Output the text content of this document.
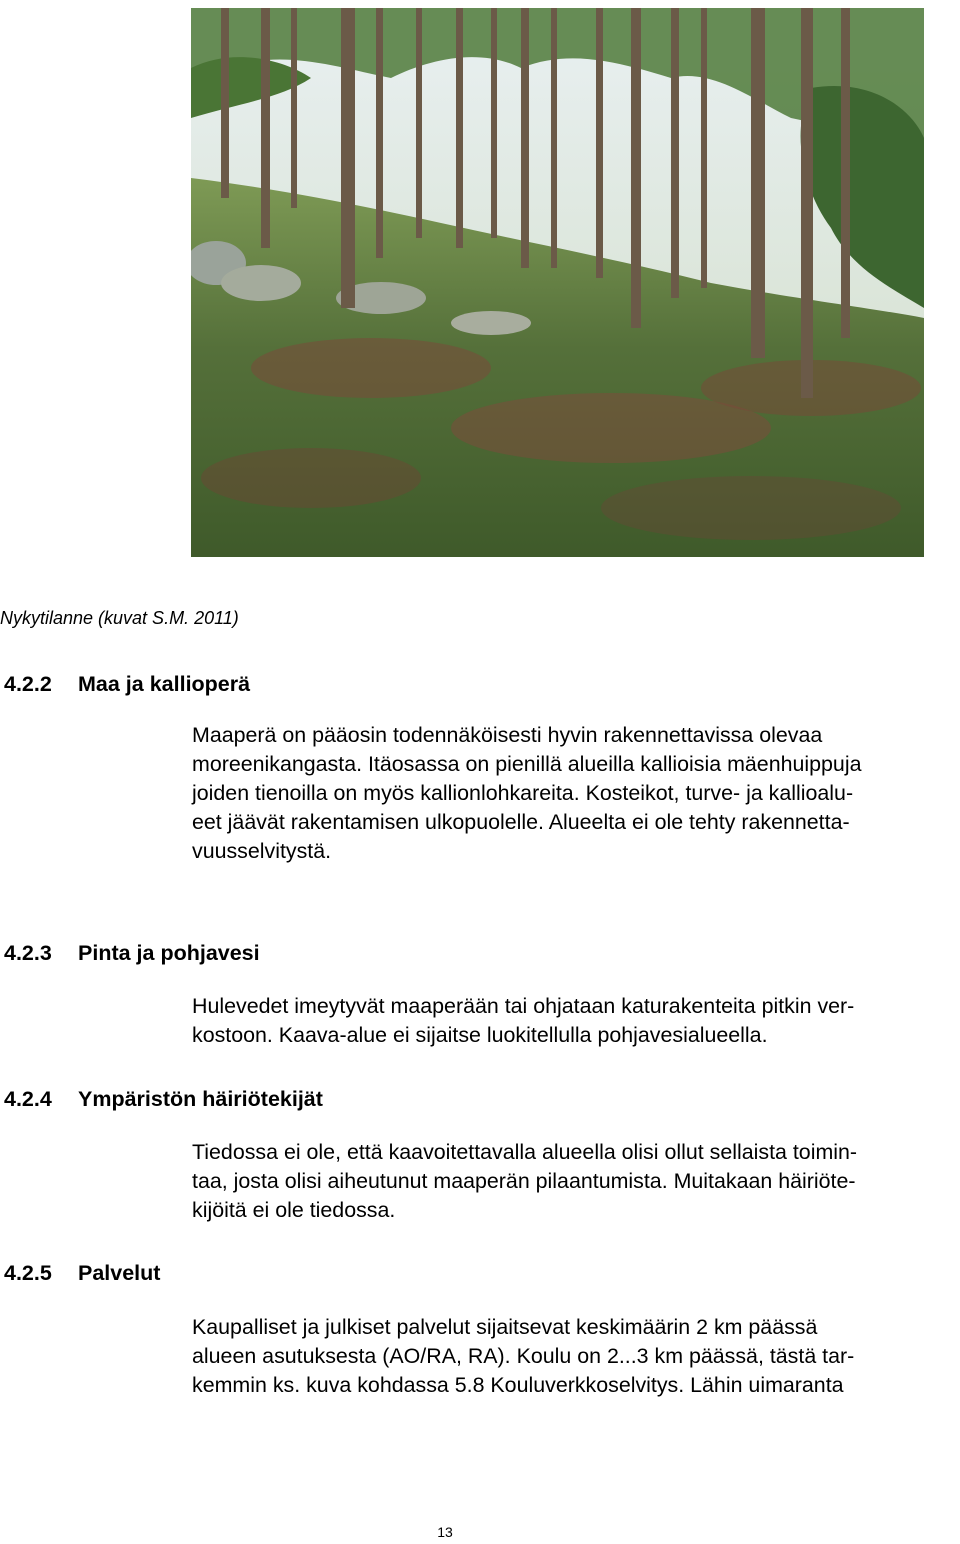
Nykytilanne (kuvat S.M. 2011)
4.2.2 Maa ja kallioperä

Maaperä on pääosin todennäköisesti hyvin rakennettavissa olevaa
moreenikangasta. Itäosassa on pienillä alueilla kallioisia mäenhuippuja
joiden tienoilla on myös kallionlohkareita. Kosteikot, turve- ja kallioalu-
eet jäävät rakentamisen ulkopuolelle. Alueelta ei ole tehty rakennetta-
vuusselvitystä.

4.2.3 Pinta ja pohjavesi

Hulevedet imeytyvät maaperään tai ohjataan katurakenteita pitkin ver-
kostoon. Kaava-alue ei sijaitse luokitellulla pohjavesialueella.

4.2.4 Ympäristön häiriötekijät

Tiedossa ei ole, että kaavoitettavalla alueella olisi ollut sellaista toimin-
taa, josta olisi aiheutunut maaperän pilaantumista. Muitakaan häiriöte-
kijöitä ei ole tiedossa.

4.2.5 Palvelut

Kaupalliset ja julkiset palvelut sijaitsevat keskimäärin 2 km päässä
alueen asutuksesta (AO/RA, RA). Koulu on 2...3 km päässä, tästä tar-
kemmin ks. kuva kohdassa 5.8 Kouluverkkoselvitys. Lähin uimaranta

13
